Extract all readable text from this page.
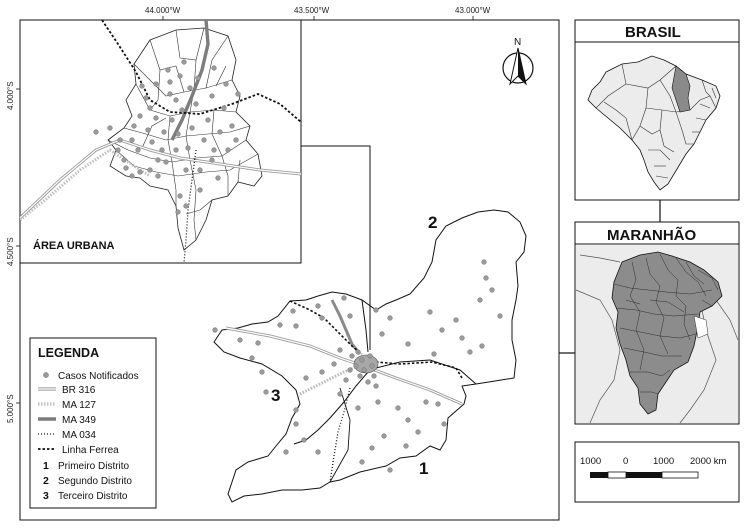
44.000°W	43.500°W	43.000°W
4.000°S
4.500°S
5.000°S
2
3
1
N
ÁREA URBANA
LEGENDA
Casos Notificados
BR 316
MA 127
MA 349
MA 034
Linha Ferrea
1 Primeiro Distrito
2 Segundo Distrito
3 Terceiro Distrito
BRASIL
MARANHÃO
1000 0	1000 2000 km
